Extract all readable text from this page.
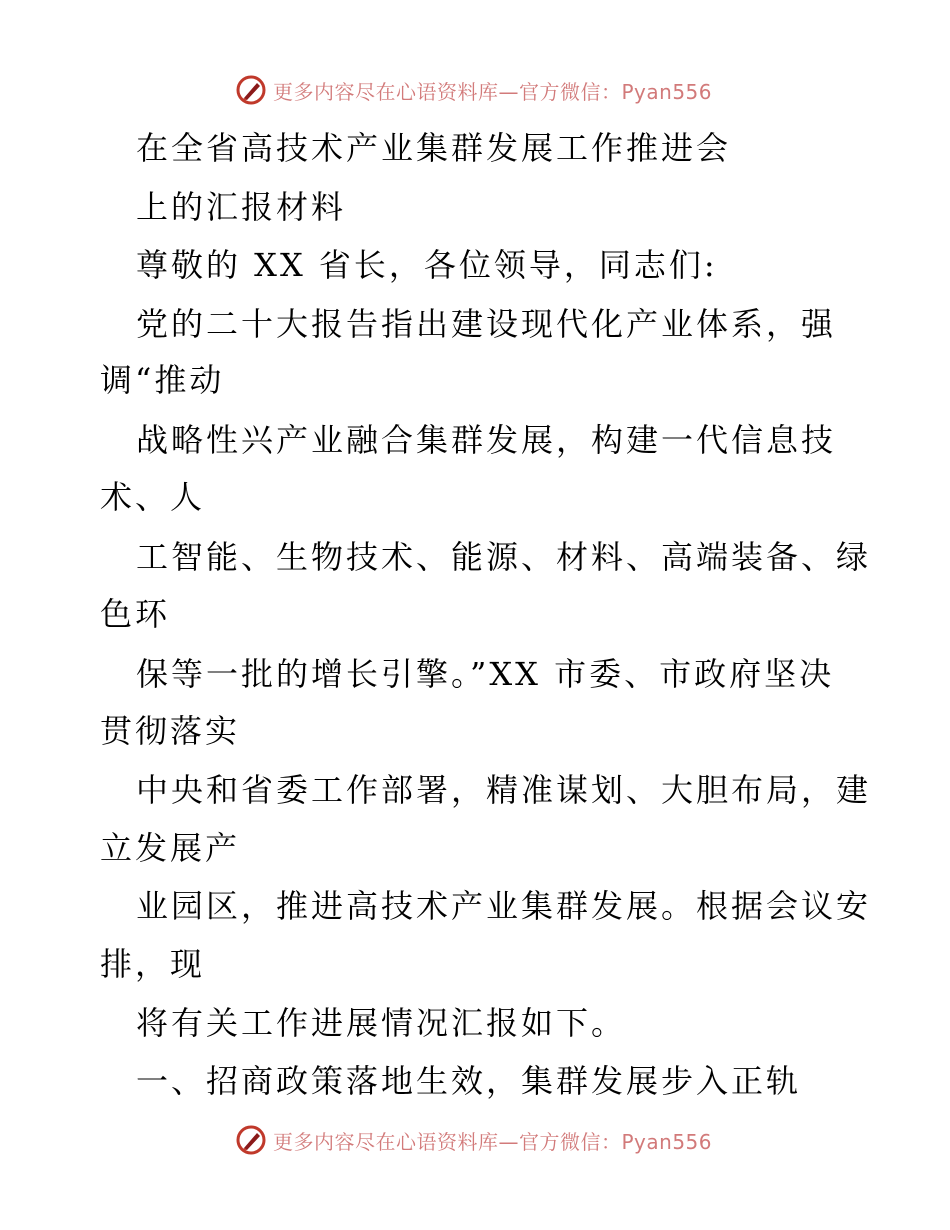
更多内容尽在心语资料库—官方微信：Pyan556
在全省高技术产业集群发展工作推进会
上的汇报材料
尊敬的 XX 省长，各位领导，同志们:
党的二十大报告指出建设现代化产业体系，强
调“推动
战略性兴产业融合集群发展，构建一代信息技
术、人
工智能、生物技术、能源、材料、高端装备、绿
色环
保等一批的增长引擎。”XX 市委、市政府坚决
贯彻落实
中央和省委工作部署，精准谋划、大胆布局，建
立发展产
业园区，推进高技术产业集群发展。根据会议安
排，现
将有关工作进展情况汇报如下。
一、招商政策落地生效，集群发展步入正轨
更多内容尽在心语资料库—官方微信：Pyan556
